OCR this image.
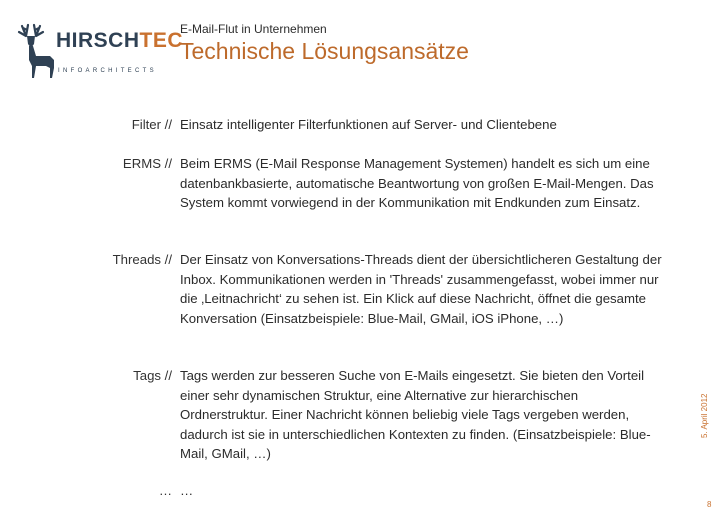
HIRSCHTEC
INFOARCHITECTS
E-Mail-Flut in Unternehmen
Technische Lösungsansätze
Filter // Einsatz intelligenter Filterfunktionen auf Server- und Clientebene
ERMS // Beim ERMS (E-Mail Response Management Systemen) handelt es sich um eine datenbankbasierte, automatische Beantwortung von großen E-Mail-Mengen. Das System kommt vorwiegend in der Kommunikation mit Endkunden zum Einsatz.
Threads // Der Einsatz von Konversations-Threads dient der übersichtlicheren Gestaltung der Inbox. Kommunikationen werden in 'Threads' zusammengefasst, wobei immer nur die ‚Leitnachricht‘ zu sehen ist. Ein Klick auf diese Nachricht, öffnet die gesamte Konversation (Einsatzbeispiele: Blue-Mail, GMail, iOS iPhone, …)
Tags // Tags werden zur besseren Suche von E-Mails eingesetzt. Sie bieten den Vorteil einer sehr dynamischen Struktur, eine Alternative zur hierarchischen Ordnerstruktur. Einer Nachricht können beliebig viele Tags vergeben werden, dadurch ist sie in unterschiedlichen Kontexten zu finden. (Einsatzbeispiele: Blue-Mail, GMail, …)
… …
5. April 2012
8
